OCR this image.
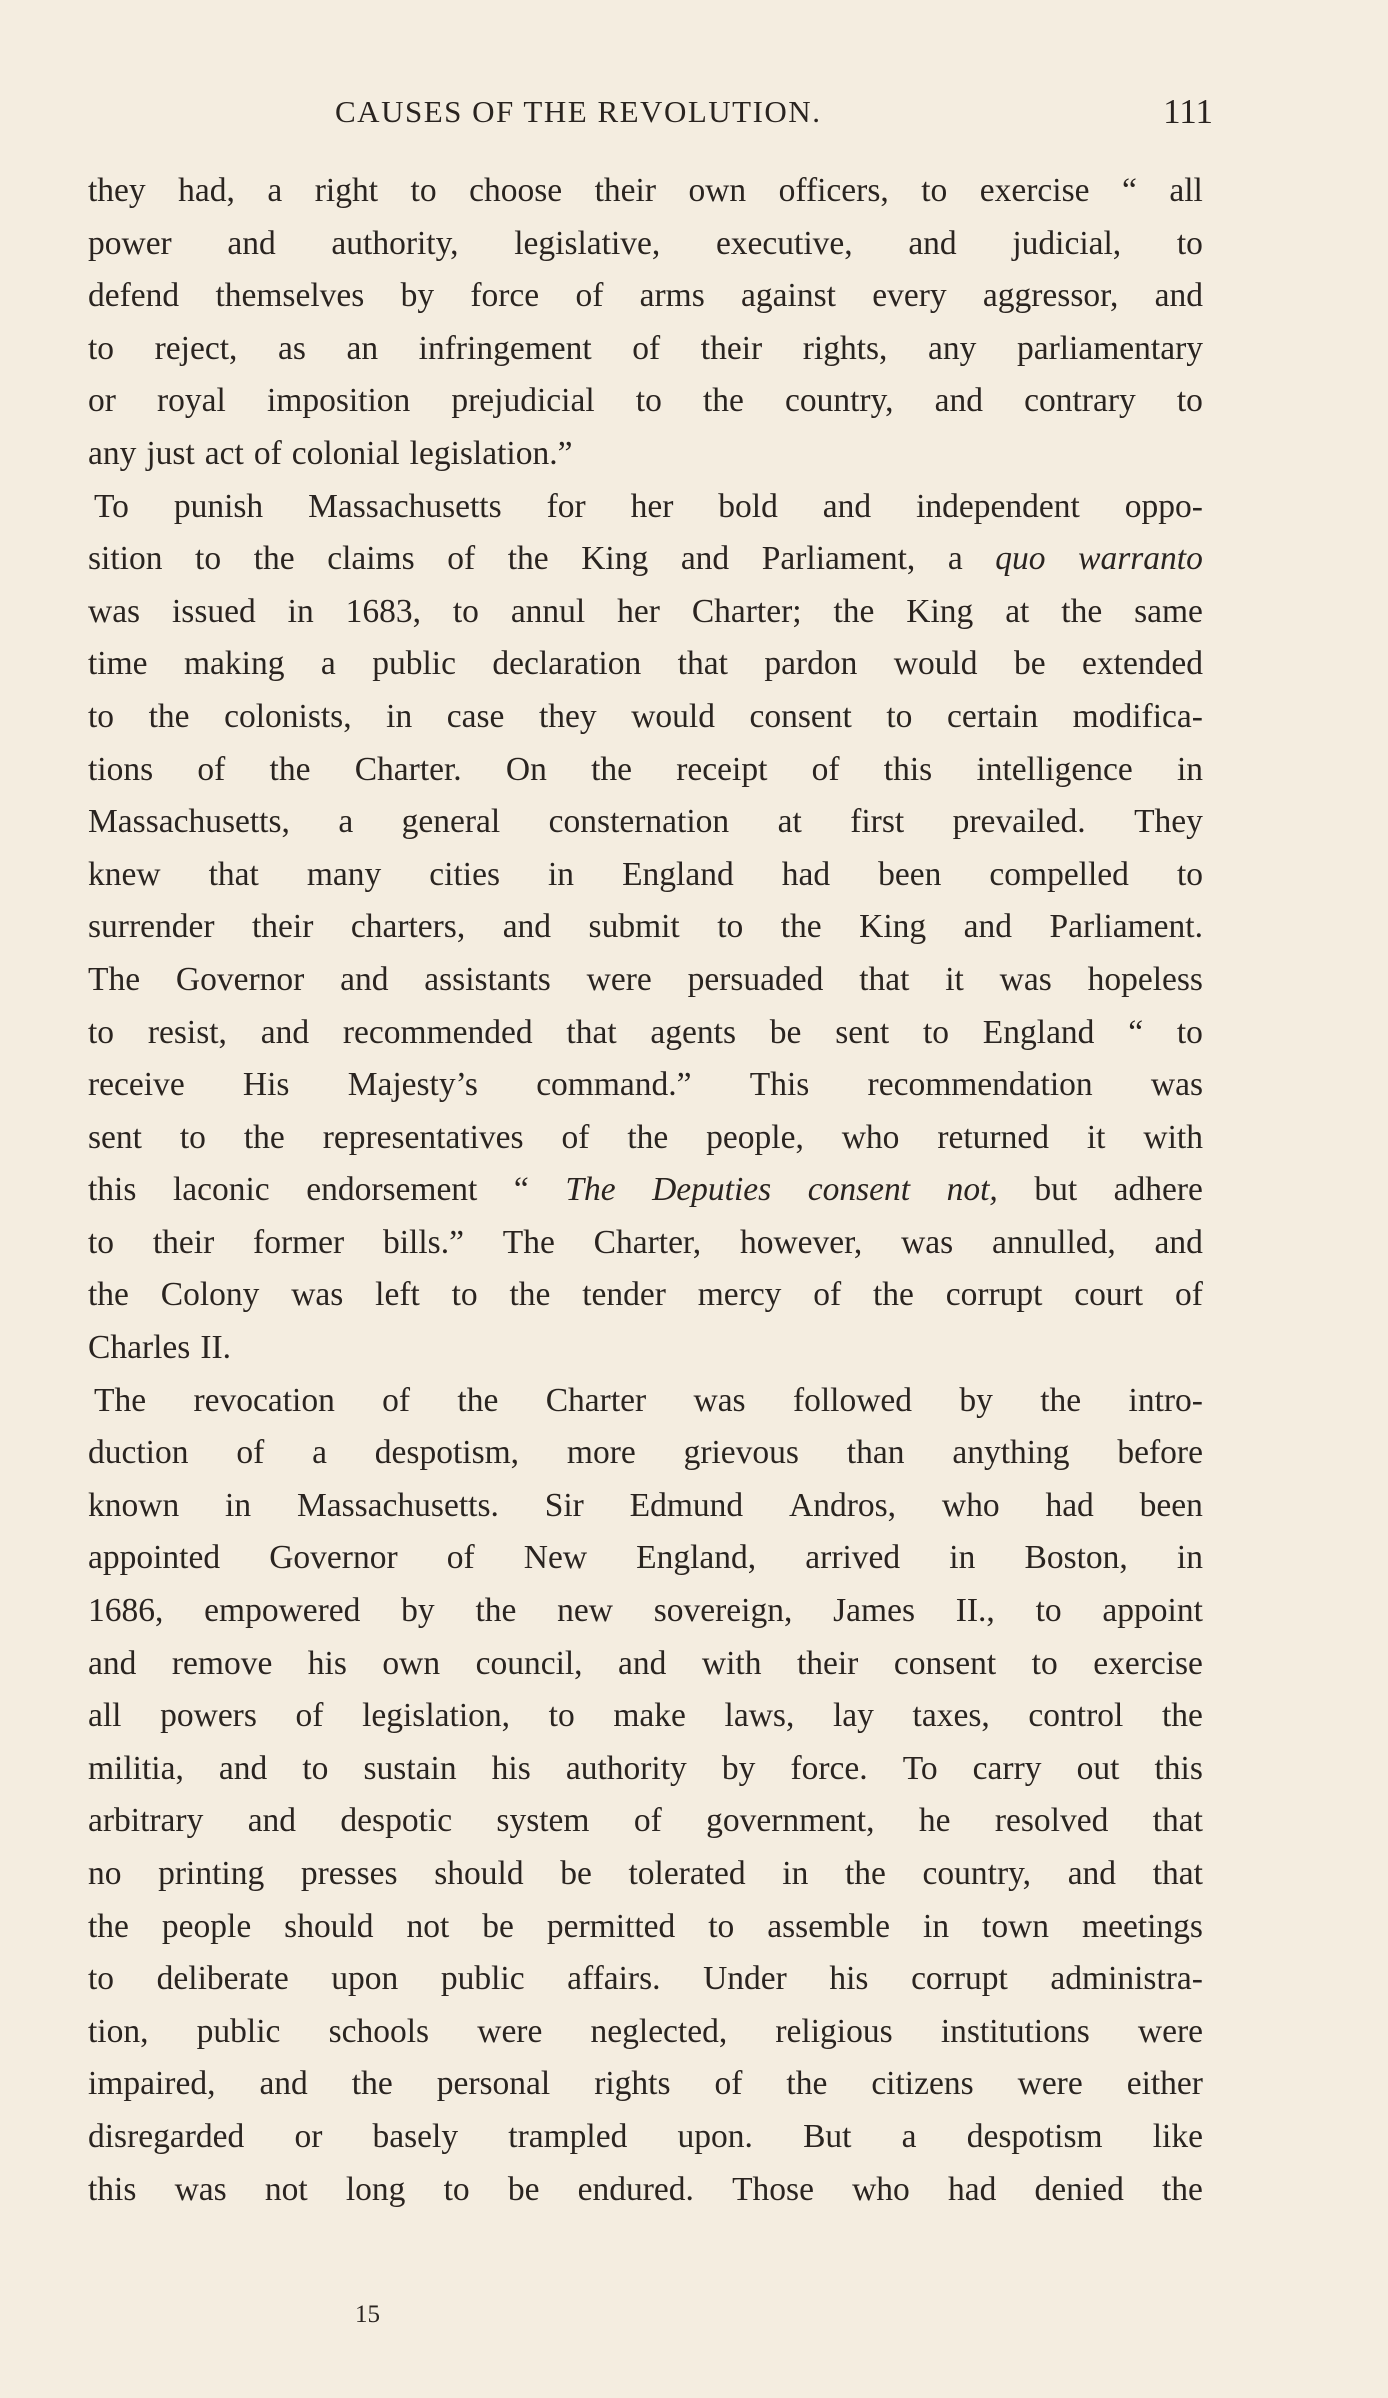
CAUSES OF THE REVOLUTION.	111
they had, a right to choose their own officers, to exercise “ all
power and authority, legislative, executive, and judicial, to
defend themselves by force of arms against every aggressor, and
to reject, as an infringement of their rights, any parliamentary
or royal imposition prejudicial to the country, and contrary to
any just act of colonial legislation.”
To punish Massachusetts for her bold and independent oppo-
sition to the claims of the King and Parliament, a quo warranto
was issued in 1683, to annul her Charter; the King at the same
time making a public declaration that pardon would be extended
to the colonists, in case they would consent to certain modifica-
tions of the Charter. On the receipt of this intelligence in
Massachusetts, a general consternation at first prevailed. They
knew that many cities in England had been compelled to
surrender their charters, and submit to the King and Parliament.
The Governor and assistants were persuaded that it was hopeless
to resist, and recommended that agents be sent to England “ to
receive His Majesty’s command.” This recommendation was
sent to the representatives of the people, who returned it with
this laconic endorsement “ The Deputies consent not, but adhere
to their former bills.” The Charter, however, was annulled, and
the Colony was left to the tender mercy of the corrupt court of
Charles II.
The revocation of the Charter was followed by the intro-
duction of a despotism, more grievous than anything before
known in Massachusetts. Sir Edmund Andros, who had been
appointed Governor of New England, arrived in Boston, in
1686, empowered by the new sovereign, James II., to appoint
and remove his own council, and with their consent to exercise
all powers of legislation, to make laws, lay taxes, control the
militia, and to sustain his authority by force. To carry out this
arbitrary and despotic system of government, he resolved that
no printing presses should be tolerated in the country, and that
the people should not be permitted to assemble in town meetings
to deliberate upon public affairs. Under his corrupt administra-
tion, public schools were neglected, religious institutions were
impaired, and the personal rights of the citizens were either
disregarded or basely trampled upon. But a despotism like
this was not long to be endured. Those who had denied the
15
